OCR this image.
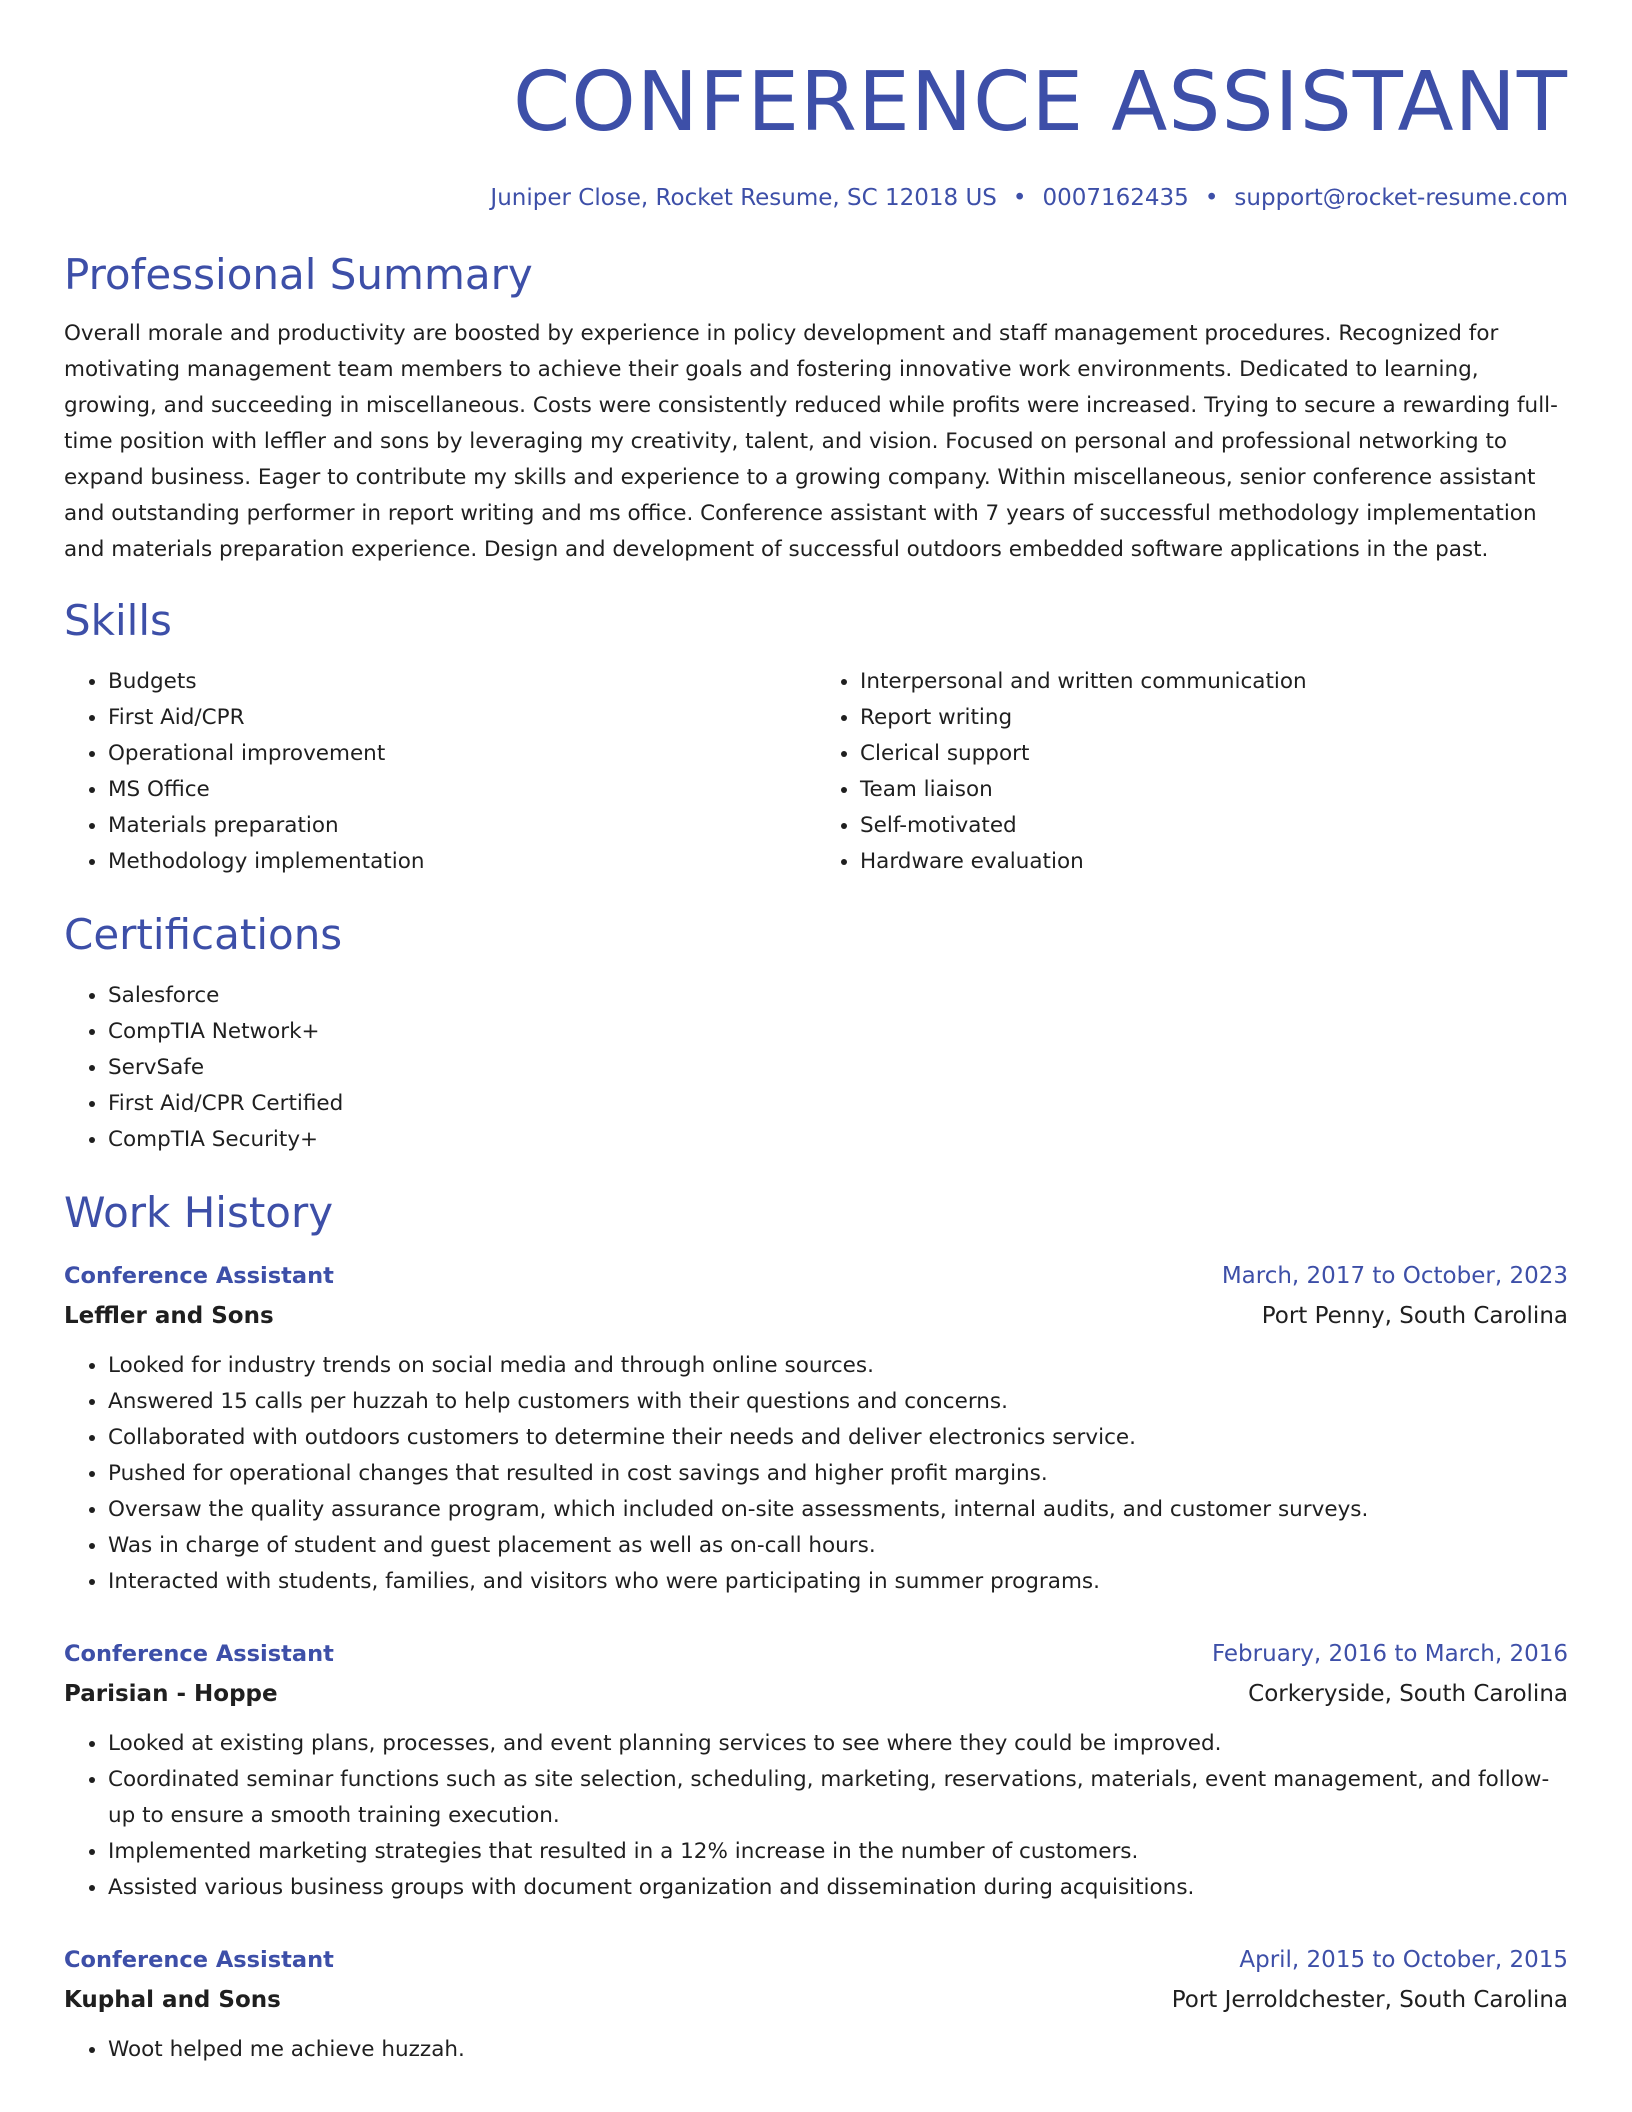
CONFERENCE ASSISTANT
Juniper Close, Rocket Resume, SC 12018 US • 0007162435 • support@rocket-resume.com
Professional Summary

Overall morale and productivity are boosted by experience in policy development and staff management procedures. Recognized for motivating management team members to achieve their goals and fostering innovative work environments. Dedicated to learning, growing, and succeeding in miscellaneous. Costs were consistently reduced while profits were increased. Trying to secure a rewarding full-time position with leffler and sons by leveraging my creativity, talent, and vision. Focused on personal and professional networking to expand business. Eager to contribute my skills and experience to a growing company. Within miscellaneous, senior conference assistant and outstanding performer in report writing and ms office. Conference assistant with 7 years of successful methodology implementation and materials preparation experience. Design and development of successful outdoors embedded software applications in the past.

Skills
• Budgets
• First Aid/CPR
• Operational improvement
• MS Office
• Materials preparation
• Methodology implementation
• Interpersonal and written communication
• Report writing
• Clerical support
• Team liaison
• Self-motivated
• Hardware evaluation
Certifications
• Salesforce
• CompTIA Network+
• ServSafe
• First Aid/CPR Certified
• CompTIA Security+
Work History
Conference Assistant	March, 2017 to October, 2023
Leffler and Sons	Port Penny, South Carolina
• Looked for industry trends on social media and through online sources.
• Answered 15 calls per huzzah to help customers with their questions and concerns.
• Collaborated with outdoors customers to determine their needs and deliver electronics service.
• Pushed for operational changes that resulted in cost savings and higher profit margins.
• Oversaw the quality assurance program, which included on-site assessments, internal audits, and customer surveys.
• Was in charge of student and guest placement as well as on-call hours.
• Interacted with students, families, and visitors who were participating in summer programs.
Conference Assistant	February, 2016 to March, 2016
Parisian - Hoppe	Corkeryside, South Carolina
• Looked at existing plans, processes, and event planning services to see where they could be improved.
• Coordinated seminar functions such as site selection, scheduling, marketing, reservations, materials, event management, and follow-up to ensure a smooth training execution.
• Implemented marketing strategies that resulted in a 12% increase in the number of customers.
• Assisted various business groups with document organization and dissemination during acquisitions.
Conference Assistant	April, 2015 to October, 2015
Kuphal and Sons	Port Jerroldchester, South Carolina
• Woot helped me achieve huzzah.
